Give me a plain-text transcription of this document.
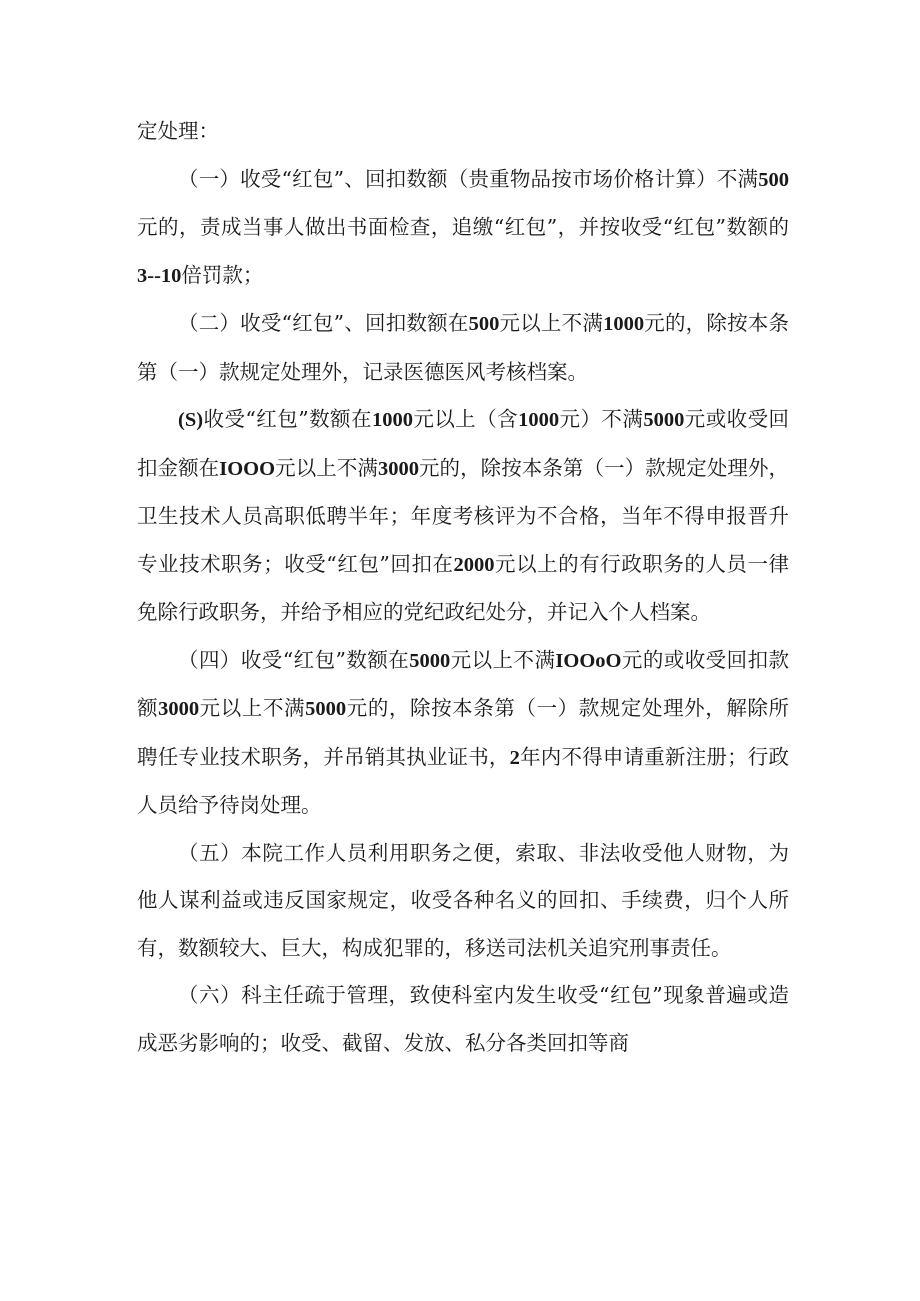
定处理：

（一）收受“红包”、回扣数额（贵重物品按市场价格计算）不满500元的，责成当事人做出书面检查，追缴“红包”，并按收受“红包”数额的3--10倍罚款；

（二）收受“红包”、回扣数额在500元以上不满1000元的，除按本条第（一）款规定处理外，记录医德医风考核档案。

(S)收受“红包”数额在1000元以上（含1000元）不满5000元或收受回扣金额在IOOO元以上不满3000元的，除按本条第（一）款规定处理外，卫生技术人员高职低聘半年；年度考核评为不合格，当年不得申报晋升专业技术职务；收受“红包”回扣在2000元以上的有行政职务的人员一律免除行政职务，并给予相应的党纪政纪处分，并记入个人档案。

（四）收受“红包”数额在5000元以上不满IOOoO元的或收受回扣款额3000元以上不满5000元的，除按本条第（一）款规定处理外，解除所聘任专业技术职务，并吊销其执业证书，2年内不得申请重新注册；行政人员给予待岗处理。

（五）本院工作人员利用职务之便，索取、非法收受他人财物，为他人谋利益或违反国家规定，收受各种名义的回扣、手续费，归个人所有，数额较大、巨大，构成犯罪的，移送司法机关追究刑事责任。

（六）科主任疏于管理，致使科室内发生收受“红包”现象普遍或造成恶劣影响的；收受、截留、发放、私分各类回扣等商
